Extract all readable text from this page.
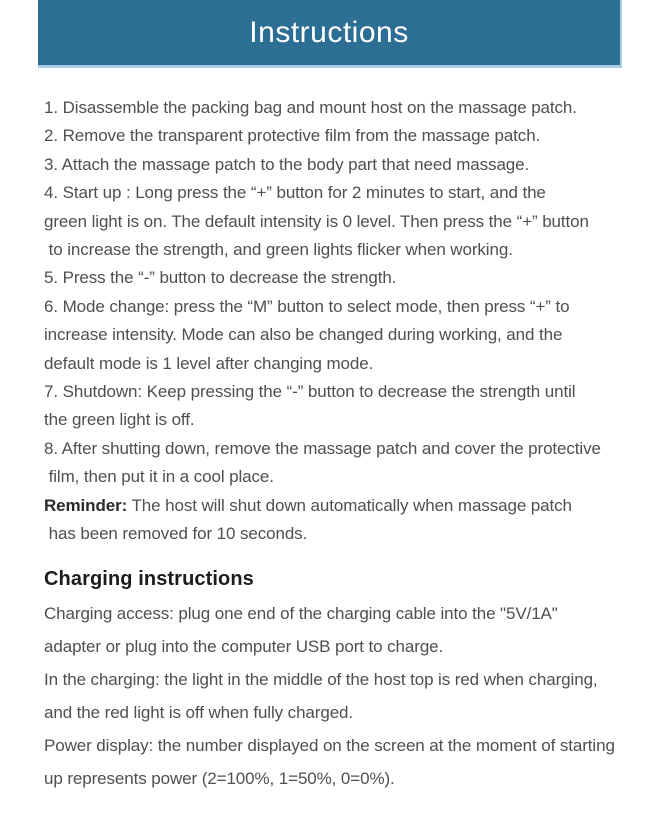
Instructions
1. Disassemble the packing bag and mount host on the massage patch.
2. Remove the transparent protective film from the massage patch.
3. Attach the massage patch to the body part that need massage.
4. Start up : Long press the “+” button for 2 minutes to start, and the
green light is on. The default intensity is 0 level. Then press the “+” button
to increase the strength, and green lights flicker when working.
5. Press the “-” button to decrease the strength.
6. Mode change: press the “M” button to select mode, then press “+” to
increase intensity. Mode can also be changed during working, and the
default mode is 1 level after changing mode.
7. Shutdown: Keep pressing the “-” button to decrease the strength until
the green light is off.
8. After shutting down, remove the massage patch and cover the protective
film, then put it in a cool place.
Reminder: The host will shut down automatically when massage patch
has been removed for 10 seconds.
Charging instructions
Charging access: plug one end of the charging cable into the "5V/1A"
adapter or plug into the computer USB port to charge.
In the charging: the light in the middle of the host top is red when charging,
and the red light is off when fully charged.
Power display: the number displayed on the screen at the moment of starting
up represents power (2=100%, 1=50%, 0=0%).
